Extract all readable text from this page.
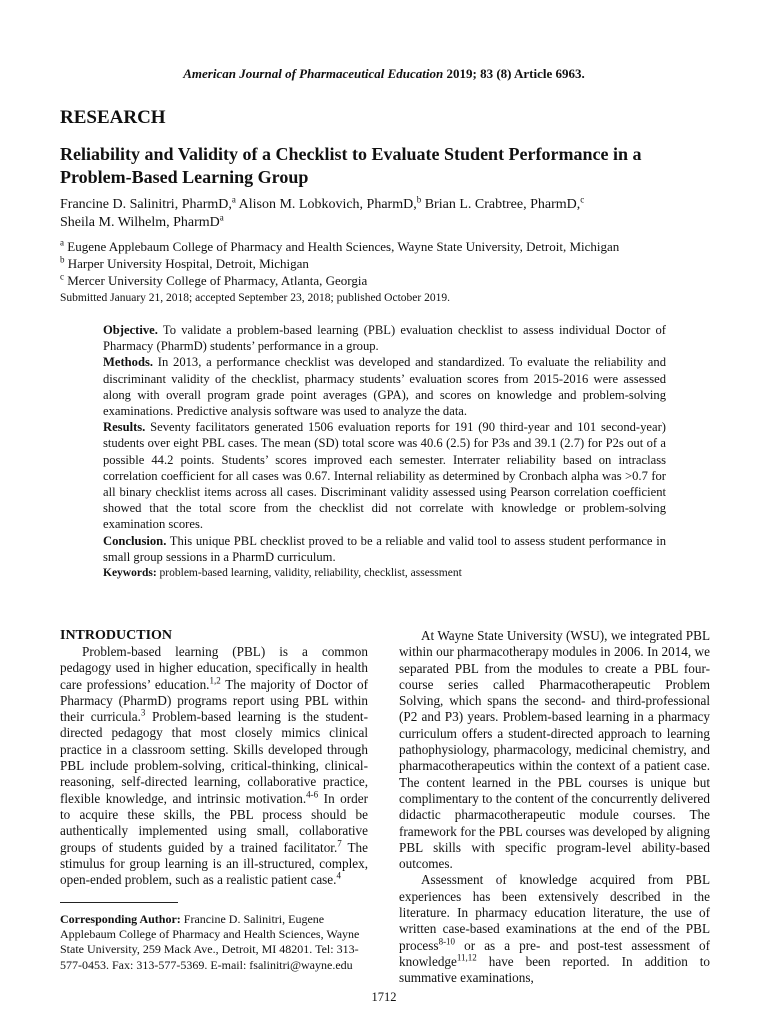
American Journal of Pharmaceutical Education 2019; 83 (8) Article 6963.
RESEARCH
Reliability and Validity of a Checklist to Evaluate Student Performance in a
Problem-Based Learning Group
Francine D. Salinitri, PharmD,$^a$ Alison M. Lobkovich, PharmD,$^b$ Brian L. Crabtree, PharmD,$^c$
Sheila M. Wilhelm, PharmD$^a$
$^a$ Eugene Applebaum College of Pharmacy and Health Sciences, Wayne State University, Detroit, Michigan
$^b$ Harper University Hospital, Detroit, Michigan
$^c$ Mercer University College of Pharmacy, Atlanta, Georgia
Submitted January 21, 2018; accepted September 23, 2018; published October 2019.

Objective. To validate a problem-based learning (PBL) evaluation checklist to assess individual Doctor of Pharmacy (PharmD) students’ performance in a group.

Methods. In 2013, a performance checklist was developed and standardized. To evaluate the reliability and discriminant validity of the checklist, pharmacy students’ evaluation scores from 2015-2016 were assessed along with overall program grade point averages (GPA), and scores on knowledge and problem-solving examinations. Predictive analysis software was used to analyze the data.

Results. Seventy facilitators generated 1506 evaluation reports for 191 (90 third-year and 101 second-year) students over eight PBL cases. The mean (SD) total score was 40.6 (2.5) for P3s and 39.1 (2.7) for P2s out of a possible 44.2 points. Students’ scores improved each semester. Interrater reliability based on intraclass correlation coefficient for all cases was 0.67. Internal reliability as determined by Cronbach alpha was >0.7 for all binary checklist items across all cases. Discriminant validity assessed using Pearson correlation coefficient showed that the total score from the checklist did not correlate with knowledge or problem-solving examination scores.

Conclusion. This unique PBL checklist proved to be a reliable and valid tool to assess student performance in small group sessions in a PharmD curriculum.

Keywords: problem-based learning, validity, reliability, checklist, assessment

INTRODUCTION

Problem-based learning (PBL) is a common pedagogy used in higher education, specifically in health care professions’ education.$^{1,2}$ The majority of Doctor of Pharmacy (PharmD) programs report using PBL within their curricula.$^3$ Problem-based learning is the student-directed pedagogy that most closely mimics clinical practice in a classroom setting. Skills developed through PBL include problem-solving, critical-thinking, clinical-reasoning, self-directed learning, collaborative practice, flexible knowledge, and intrinsic motivation.$^{4-6}$ In order to acquire these skills, the PBL process should be authentically implemented using small, collaborative groups of students guided by a trained facilitator.$^7$ The stimulus for group learning is an ill-structured, complex, open-ended problem, such as a realistic patient case.$^4$

Corresponding Author: Francine D. Salinitri, Eugene Applebaum College of Pharmacy and Health Sciences, Wayne State University, 259 Mack Ave., Detroit, MI 48201. Tel: 313-577-0453. Fax: 313-577-5369. E-mail: fsalinitri@wayne.edu

At Wayne State University (WSU), we integrated PBL within our pharmacotherapy modules in 2006. In 2014, we separated PBL from the modules to create a PBL four-course series called Pharmacotherapeutic Problem Solving, which spans the second- and third-professional (P2 and P3) years. Problem-based learning in a pharmacy curriculum offers a student-directed approach to learning pathophysiology, pharmacology, medicinal chemistry, and pharmacotherapeutics within the context of a patient case. The content learned in the PBL courses is unique but complimentary to the content of the concurrently delivered didactic pharmacotherapeutic module courses. The framework for the PBL courses was developed by aligning PBL skills with specific program-level ability-based outcomes.

Assessment of knowledge acquired from PBL experiences has been extensively described in the literature. In pharmacy education literature, the use of written case-based examinations at the end of the PBL process$^{8-10}$ or as a pre- and post-test assessment of knowledge$^{11,12}$ have been reported. In addition to summative examinations,

1712
